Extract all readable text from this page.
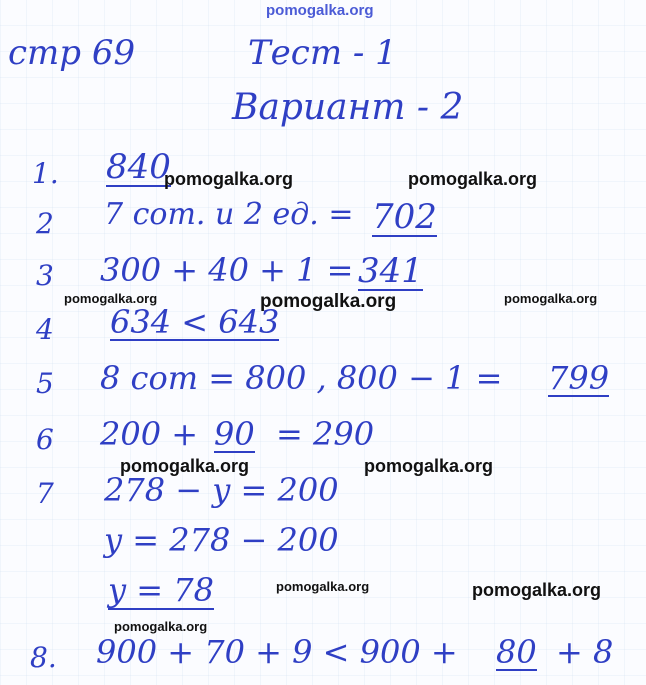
pomogalka.org
стр 69	Тест - 1
Вариант - 2
1. 840
2 7 сот. и 2 ед. = 702
3 300 + 40 + 1 = 341
4 634 < 643
5 8 сот = 800 , 800 − 1 = 799
6 200 + 90 = 290
7 278 − y = 200
y = 278 − 200
y = 78
8. 900 + 70 + 9 < 900 + 80 + 8
pomogalka.org	pomogalka.org
pomogalka.org	pomogalka.org	pomogalka.org
pomogalka.org	pomogalka.org
pomogalka.org	pomogalka.org
pomogalka.org
